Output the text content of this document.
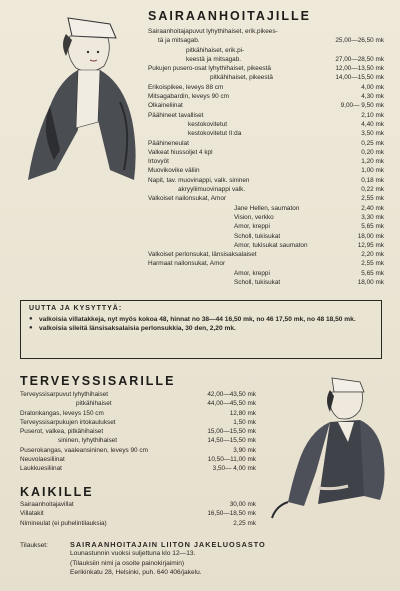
SAIRAANHOITAJILLE
Sairaanhoitajapuvut lyhythihaiset, erik.pikees-
tä ja mitsagab.	25,00—26,50 mk
pitkähihaiset, erik.pi-
keestä ja mitsagab.	27,00—28,50 mk
Pukujen pusero-osat lyhythihaiset, pikeestä	12,00—13,50 mk
pitkähihaiset, pikeestä	14,00—15,50 mk
Erikoispikee, leveys 88 cm	4,00 mk
Mitsagabardin, leveys 90 cm	4,30 mk
Olkaineliinat	9,00— 9,50 mk
Päähineet tavalliset	2,10 mk
kestokovitetut	4,40 mk
kestokovitetut II:da	3,50 mk
Päähineneulat	0,25 mk
Valkeat hiussoljet 4 kpl	0,20 mk
Irtovyöt	1,20 mk
Muovikovike väliin	1,00 mk
Napit, tav. muovinappi, valk. sininen	0,18 mk
akryyliimuovinappi valk.	0,22 mk
Valkoiset nailonsukat, Amor	2,55 mk
Jane Hellen, saumaton	2,40 mk
Vision, verkko	3,30 mk
Amor, kreppi	5,65 mk
Scholl, tukisukat	18,00 mk
Amor, tukisukat saumaton	12,95 mk
Valkoiset perlonsukat, länsisaksalaiset	2,20 mk
Harmaat nailonsukat, Amor	2,55 mk
Amor, kreppi	5,65 mk
Scholl, tukisukat	18,00 mk
UUTTA JA KYSYTTYÄ:
● valkoisia villatakkeja, nyt myös kokoa 48, hinnat no 38—44 16,50 mk, no 46 17,50 mk, no 48 18,50 mk.
● valkoisia sileitä länsisaksalaisia perlonsukkia, 30 den, 2,20 mk.
TERVEYSSISARILLE
Terveyssisarpuvut lyhythihaiset	42,00—43,50 mk
pitkähihaiset	44,00—45,50 mk
Dralonkangas, leveys 150 cm	12,80 mk
Terveyssisarpukujen irtokaulukset	1,50 mk
Puserot, valkea, pitkähihaiset	15,00—15,50 mk
sininen, lyhythihaiset	14,50—15,50 mk
Puserokangas, vaaleansininen, leveys 90 cm	3,90 mk
Neuvolaesiliinat	10,50—11,00 mk
Laukkuesiliinat	3,50— 4,00 mk
KAIKILLE
Sairaanhoitajavillat	30,00 mk
Villatakit	16,50—18,50 mk
Nimineulat (ei puhelintilauksia)	2,25 mk
Tilaukset:	SAIRAANHOITAJAIN LIITON JAKELUOSASTO
Lounastunnin vuoksi suljettuna klo 12—13.
(Tilauksiin nimi ja osoite painokirjaimin)
Eerikinkatu 28, Helsinki, puh. 640 406/jakelu.
